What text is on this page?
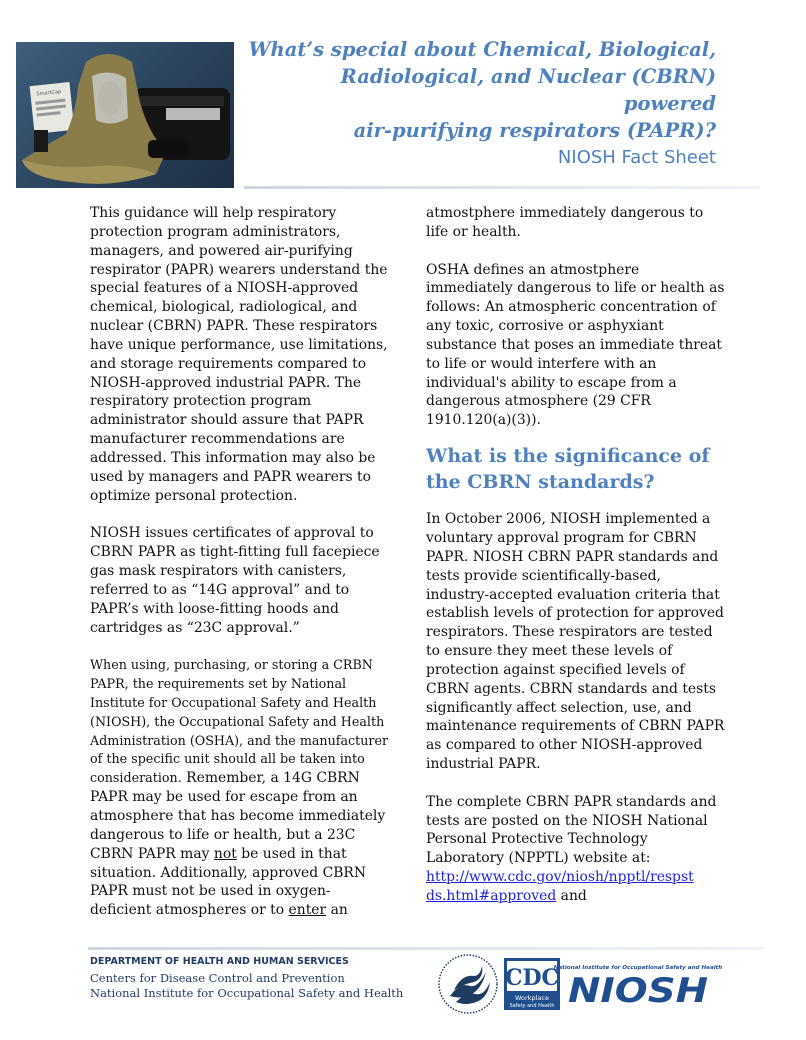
SmartCap
What’s special about Chemical, Biological,
Radiological, and Nuclear (CBRN) powered
air-purifying respirators (PAPR)?
NIOSH Fact Sheet

This guidance will help respiratory protection program administrators, managers, and powered air-purifying respirator (PAPR) wearers understand the special features of a NIOSH-approved chemical, biological, radiological, and nuclear (CBRN) PAPR. These respirators have unique performance, use limitations, and storage requirements compared to NIOSH-approved industrial PAPR. The respiratory protection program administrator should assure that PAPR manufacturer recommendations are addressed. This information may also be used by managers and PAPR wearers to optimize personal protection.

NIOSH issues certificates of approval to CBRN PAPR as tight-fitting full facepiece gas mask respirators with canisters, referred to as “14G approval” and to PAPR’s with loose-fitting hoods and cartridges as “23C approval.”

When using, purchasing, or storing a CRBN PAPR, the requirements set by National Institute for Occupational Safety and Health (NIOSH), the Occupational Safety and Health Administration (OSHA), and the manufacturer of the specific unit should all be taken into consideration. Remember, a 14G CBRN PAPR may be used for escape from an atmosphere that has become immediately dangerous to life or health, but a 23C CBRN PAPR may not be used in that situation. Additionally, approved CBRN PAPR must not be used in oxygen-deficient atmospheres or to enter an

atmostphere immediately dangerous to life or health.

OSHA defines an atmostphere immediately dangerous to life or health as follows: An atmospheric concentration of any toxic, corrosive or asphyxiant substance that poses an immediate threat to life or would interfere with an individual's ability to escape from a dangerous atmosphere (29 CFR 1910.120(a)(3)).

What is the significance of the CBRN standards?

In October 2006, NIOSH implemented a voluntary approval program for CBRN PAPR. NIOSH CBRN PAPR standards and tests provide scientifically-based, industry-accepted evaluation criteria that establish levels of protection for approved respirators. These respirators are tested to ensure they meet these levels of protection against specified levels of CBRN agents. CBRN standards and tests significantly affect selection, use, and maintenance requirements of CBRN PAPR as compared to other NIOSH-approved industrial PAPR.

The complete CBRN PAPR standards and tests are posted on the NIOSH National Personal Protective Technology Laboratory (NPPTL) website at:
http://www.cdc.gov/niosh/npptl/respst
ds.html#approved and

DEPARTMENT OF HEALTH AND HUMAN SERVICES
Centers for Disease Control and Prevention
National Institute for Occupational Safety and Health
CDC
Workplace
Safety and Health
National Institute for Occupational Safety and Health
NIOSH
